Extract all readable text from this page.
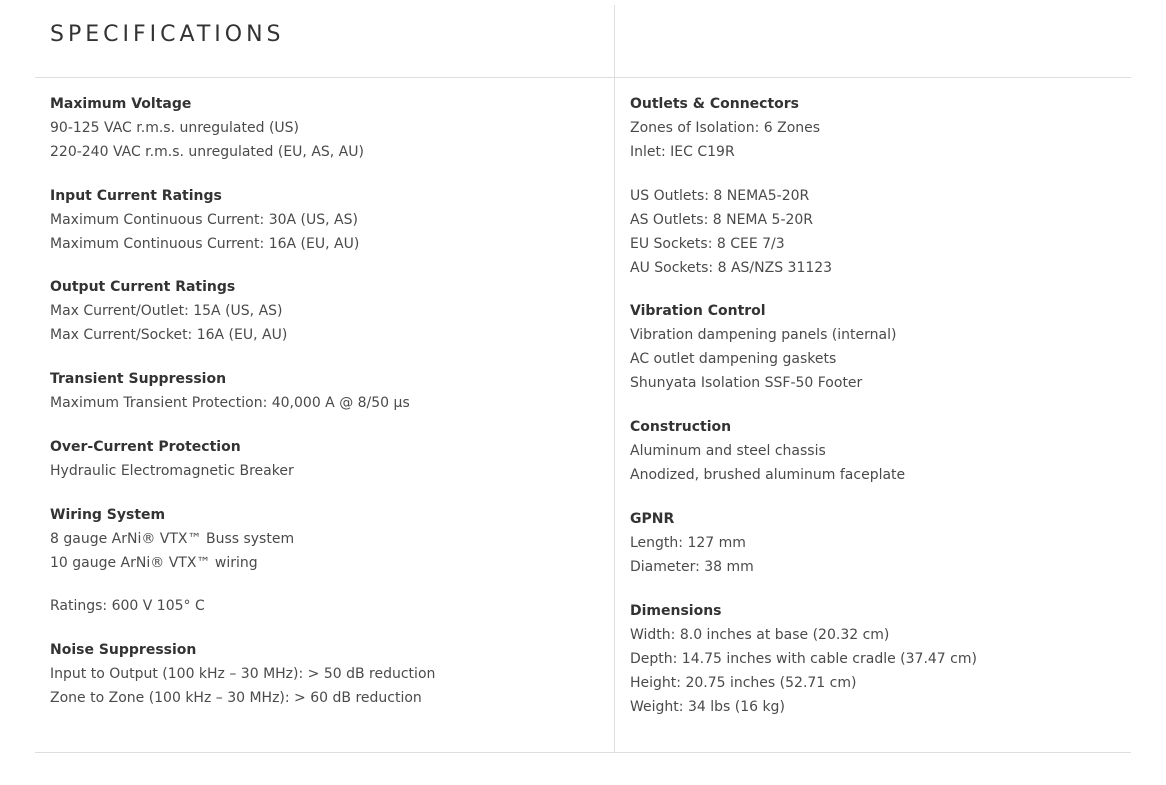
SPECIFICATIONS
Maximum Voltage
90-125 VAC r.m.s. unregulated (US)
220-240 VAC r.m.s. unregulated (EU, AS, AU)
Input Current Ratings
Maximum Continuous Current: 30A (US, AS)
Maximum Continuous Current: 16A (EU, AU)
Output Current Ratings
Max Current/Outlet: 15A (US, AS)
Max Current/Socket: 16A (EU, AU)
Transient Suppression
Maximum Transient Protection: 40,000 A @ 8/50 µs
Over-Current Protection
Hydraulic Electromagnetic Breaker
Wiring System
8 gauge ArNi® VTX™ Buss system
10 gauge ArNi® VTX™ wiring
Ratings: 600 V 105° C
Noise Suppression
Input to Output (100 kHz – 30 MHz): > 50 dB reduction
Zone to Zone (100 kHz – 30 MHz): > 60 dB reduction
Outlets & Connectors
Zones of Isolation: 6 Zones
Inlet: IEC C19R
US Outlets: 8 NEMA5-20R
AS Outlets: 8 NEMA 5-20R
EU Sockets: 8 CEE 7/3
AU Sockets: 8 AS/NZS 31123
Vibration Control
Vibration dampening panels (internal)
AC outlet dampening gaskets
Shunyata Isolation SSF-50 Footer
Construction
Aluminum and steel chassis
Anodized, brushed aluminum faceplate
GPNR
Length: 127 mm
Diameter: 38 mm
Dimensions
Width: 8.0 inches at base (20.32 cm)
Depth: 14.75 inches with cable cradle (37.47 cm)
Height: 20.75 inches (52.71 cm)
Weight: 34 lbs (16 kg)
